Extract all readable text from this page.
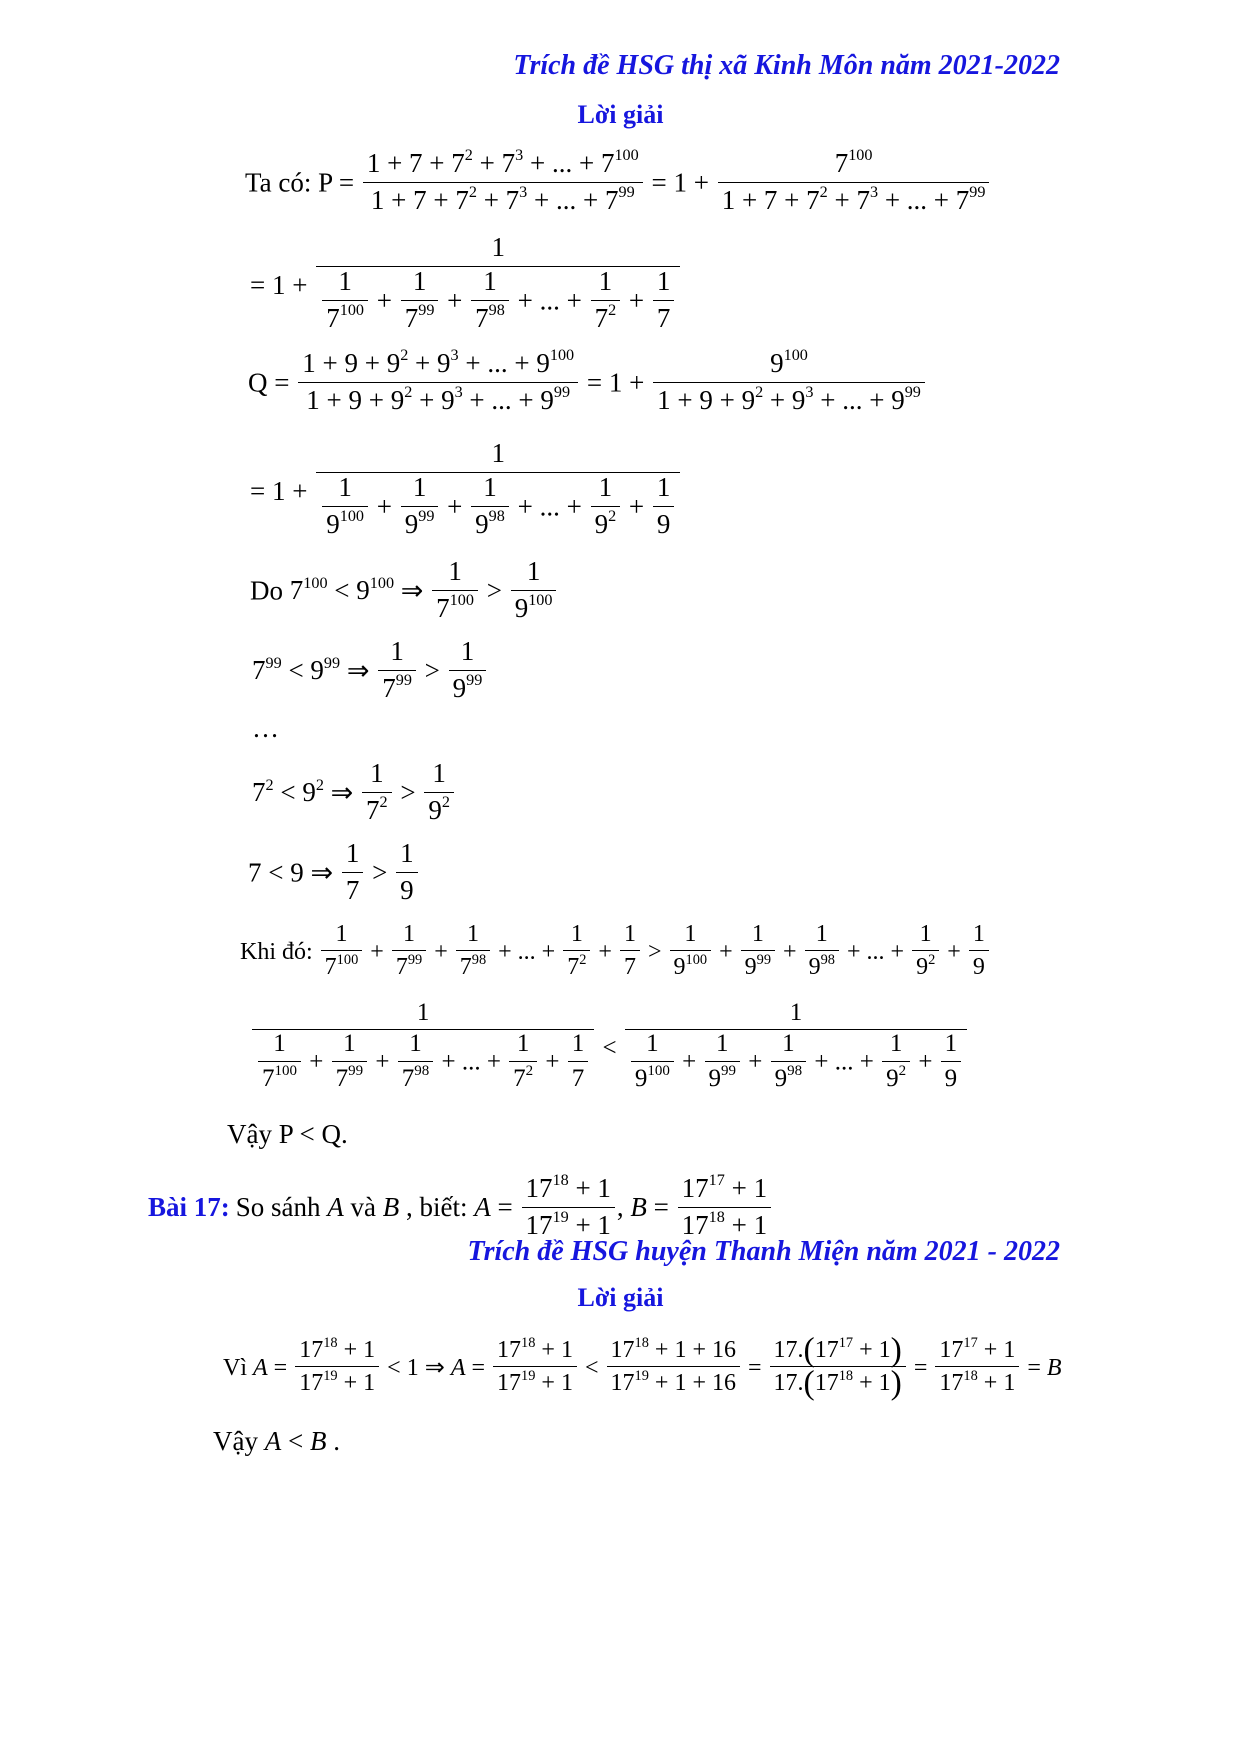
Trích đề HSG thị xã Kinh Môn năm 2021-2022
Lời giải
Ta có: $P = \frac{1 + 7 + 7^2 + 7^3 + ... + 7^{100}}{1 + 7 + 7^2 + 7^3 + ... + 7^{99}} = 1 + \frac{7^{100}}{1 + 7 + 7^2 + 7^3 + ... + 7^{99}}$
= $1 + \frac{1}{\frac{1}{7^{100}} + \frac{1}{7^{99}} + \frac{1}{7^{98}} + ... + \frac{1}{7^2} + \frac{1}{7}}$
$Q = \frac{1 + 9 + 9^2 + 9^3 + ... + 9^{100}}{1 + 9 + 9^2 + 9^3 + ... + 9^{99}} = 1 + \frac{9^{100}}{1 + 9 + 9^2 + 9^3 + ... + 9^{99}}$
= $1 + \frac{1}{\frac{1}{9^{100}} + \frac{1}{9^{99}} + \frac{1}{9^{98}} + ... + \frac{1}{9^2} + \frac{1}{9}}$
Do $7^{100} < 9^{100}$ ⇒ $\frac{1}{7^{100}} > \frac{1}{9^{100}}$
$7^{99} < 9^{99}$ ⇒ $\frac{1}{7^{99}} > \frac{1}{9^{99}}$
…
$7^2 < 9^2$ ⇒ $\frac{1}{7^2} > \frac{1}{9^2}$
7 < 9 ⇒ $\frac{1}{7} > \frac{1}{9}$
Khi đó: $\frac{1}{7^{100}} + \frac{1}{7^{99}} + \frac{1}{7^{98}}$ + ... + $\frac{1}{7^2} + \frac{1}{7} > \frac{1}{9^{100}} + \frac{1}{9^{99}} + \frac{1}{9^{98}}$ + ... + $\frac{1}{9^2} + \frac{1}{9}$
$\frac{1}{\frac{1}{7^{100}} + \frac{1}{7^{99}} + \frac{1}{7^{98}} + ... + \frac{1}{7^2} + \frac{1}{7}} < \frac{1}{\frac{1}{9^{100}} + \frac{1}{9^{99}} + \frac{1}{9^{98}} + ... + \frac{1}{9^2} + \frac{1}{9}}$
Vậy P < Q.
Bài 17: So sánh A và B , biết: $A = \frac{17^{18} + 1}{17^{19} + 1}$ , $B = \frac{17^{17} + 1}{17^{18} + 1}$
Trích đề HSG huyện Thanh Miện năm 2021 - 2022
Lời giải
Vì $A = \frac{17^{18} + 1}{17^{19} + 1} < 1$ ⇒ $A = \frac{17^{18} + 1}{17^{19} + 1} < \frac{17^{18} + 1 + 16}{17^{19} + 1 + 16} = \frac{17.(17^{17} + 1)}{17.(17^{18} + 1)} = \frac{17^{17} + 1}{17^{18} + 1} = B$
Vậy A < B .
